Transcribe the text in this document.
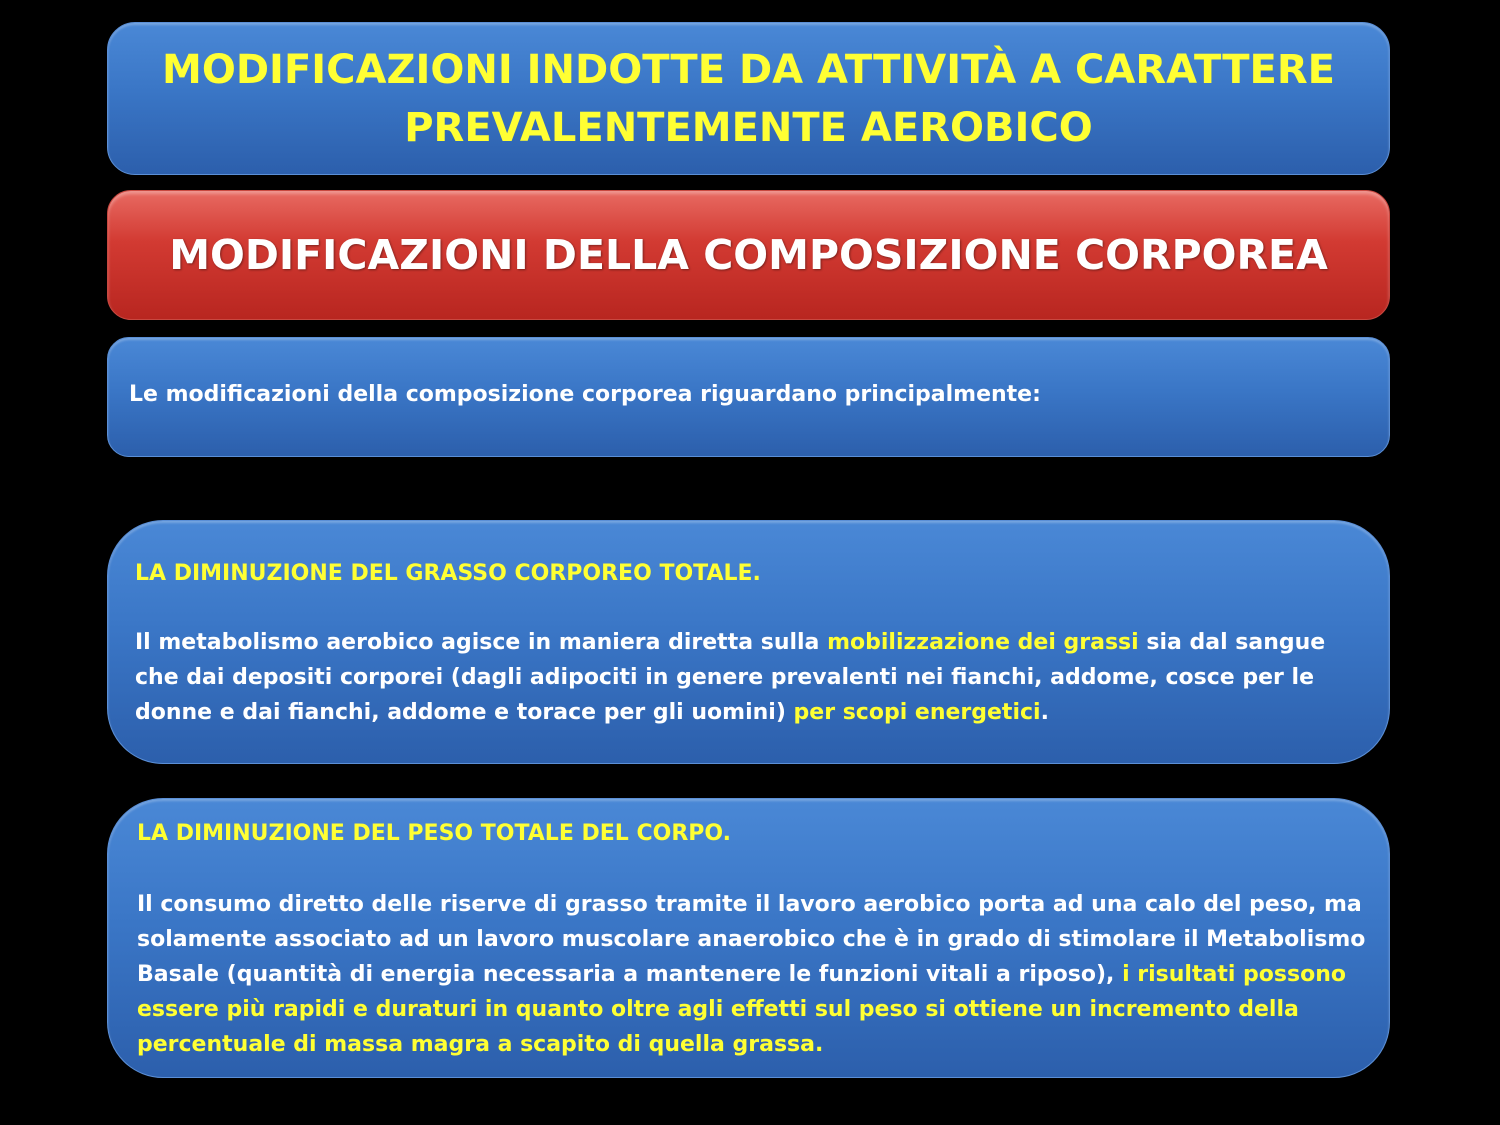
MODIFICAZIONI INDOTTE DA ATTIVITÀ A CARATTERE
PREVALENTEMENTE AEROBICO
MODIFICAZIONI DELLA COMPOSIZIONE CORPOREA

Le modificazioni della composizione corporea riguardano principalmente:

LA DIMINUZIONE DEL GRASSO CORPOREO TOTALE.

Il metabolismo aerobico agisce in maniera diretta sulla mobilizzazione dei grassi sia dal sangue che dai depositi corporei (dagli adipociti in genere prevalenti nei fianchi, addome, cosce per le donne e dai fianchi, addome e torace per gli uomini) per scopi energetici.

LA DIMINUZIONE DEL PESO TOTALE DEL CORPO.

Il consumo diretto delle riserve di grasso tramite il lavoro aerobico porta ad una calo del peso, ma solamente associato ad un lavoro muscolare anaerobico che è in grado di stimolare il Metabolismo Basale (quantità di energia necessaria a mantenere le funzioni vitali a riposo), i risultati possono essere più rapidi e duraturi in quanto oltre agli effetti sul peso si ottiene un incremento della percentuale di massa magra a scapito di quella grassa.
